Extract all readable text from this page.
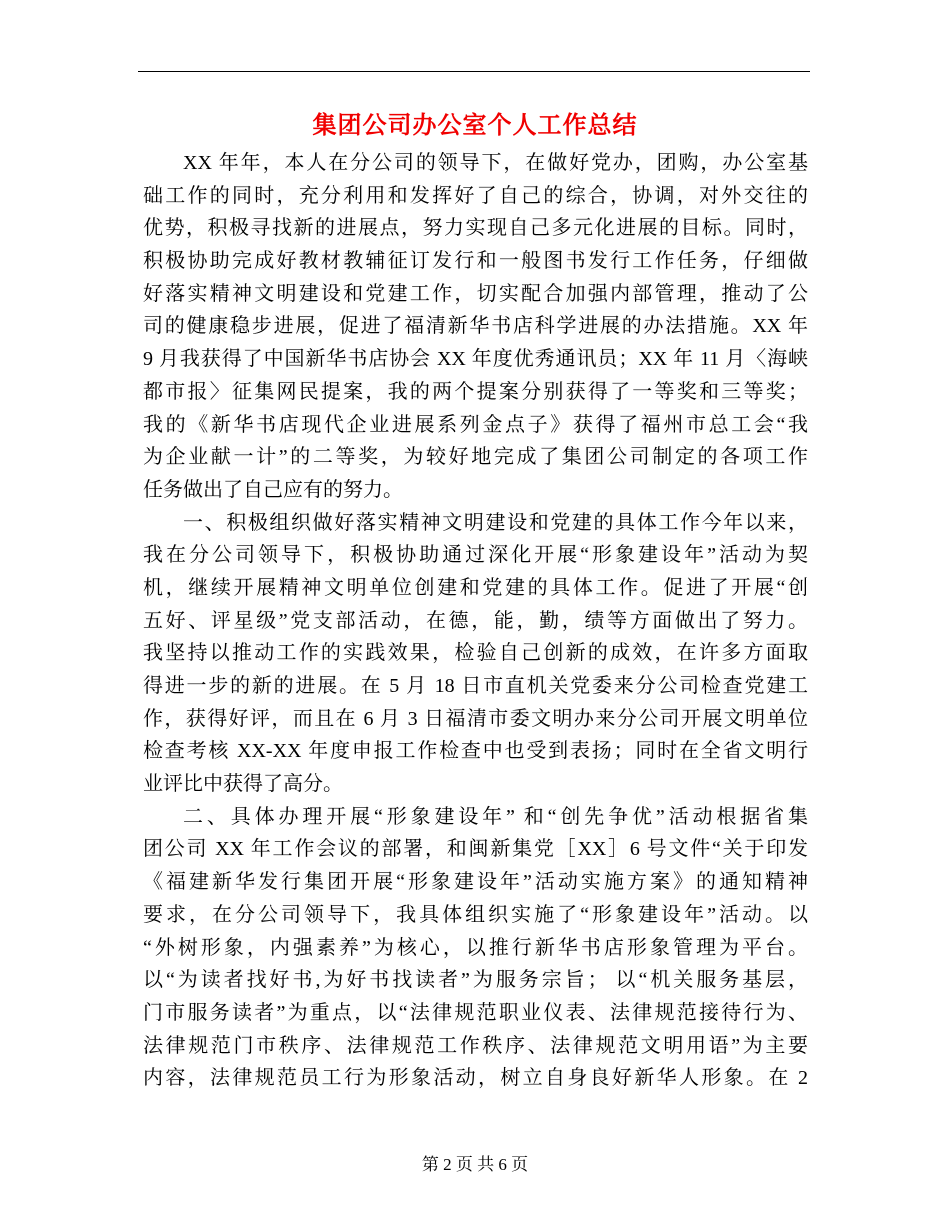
集团公司办公室个人工作总结
XX 年年，本人在分公司的领导下，在做好党办，团购，办公室基
础工作的同时，充分利用和发挥好了自己的综合，协调，对外交往的
优势，积极寻找新的进展点，努力实现自己多元化进展的目标。同时，
积极协助完成好教材教辅征订发行和一般图书发行工作任务，仔细做
好落实精神文明建设和党建工作，切实配合加强内部管理，推动了公
司的健康稳步进展，促进了福清新华书店科学进展的办法措施。XX 年
9 月我获得了中国新华书店协会 XX 年度优秀通讯员；XX 年 11 月〈海峡
都市报〉征集网民提案，我的两个提案分别获得了一等奖和三等奖；
我的《新华书店现代企业进展系列金点子》获得了福州市总工会“我
为企业献一计”的二等奖，为较好地完成了集团公司制定的各项工作
任务做出了自己应有的努力。
一、积极组织做好落实精神文明建设和党建的具体工作今年以来，
我在分公司领导下，积极协助通过深化开展“形象建设年”活动为契
机，继续开展精神文明单位创建和党建的具体工作。促进了开展“创
五好、评星级”党支部活动，在德，能，勤，绩等方面做出了努力。
我坚持以推动工作的实践效果，检验自己创新的成效，在许多方面取
得进一步的新的进展。在 5 月 18 日市直机关党委来分公司检查党建工
作，获得好评，而且在 6 月 3 日福清市委文明办来分公司开展文明单位
检查考核 XX-XX 年度申报工作检查中也受到表扬；同时在全省文明行
业评比中获得了高分。
二、具体办理开展“形象建设年” 和“创先争优”活动根据省集
团公司 XX 年工作会议的部署，和闽新集党［XX］6 号文件“关于印发
《福建新华发行集团开展“形象建设年”活动实施方案》的通知精神
要求，在分公司领导下，我具体组织实施了“形象建设年”活动。以
“外树形象，内强素养”为核心，以推行新华书店形象管理为平台。
以“为读者找好书,为好书找读者”为服务宗旨； 以“机关服务基层，
门市服务读者”为重点，以“法律规范职业仪表、法律规范接待行为、
法律规范门市秩序、法律规范工作秩序、法律规范文明用语”为主要
内容，法律规范员工行为形象活动，树立自身良好新华人形象。在 2
第 2 页 共 6 页
